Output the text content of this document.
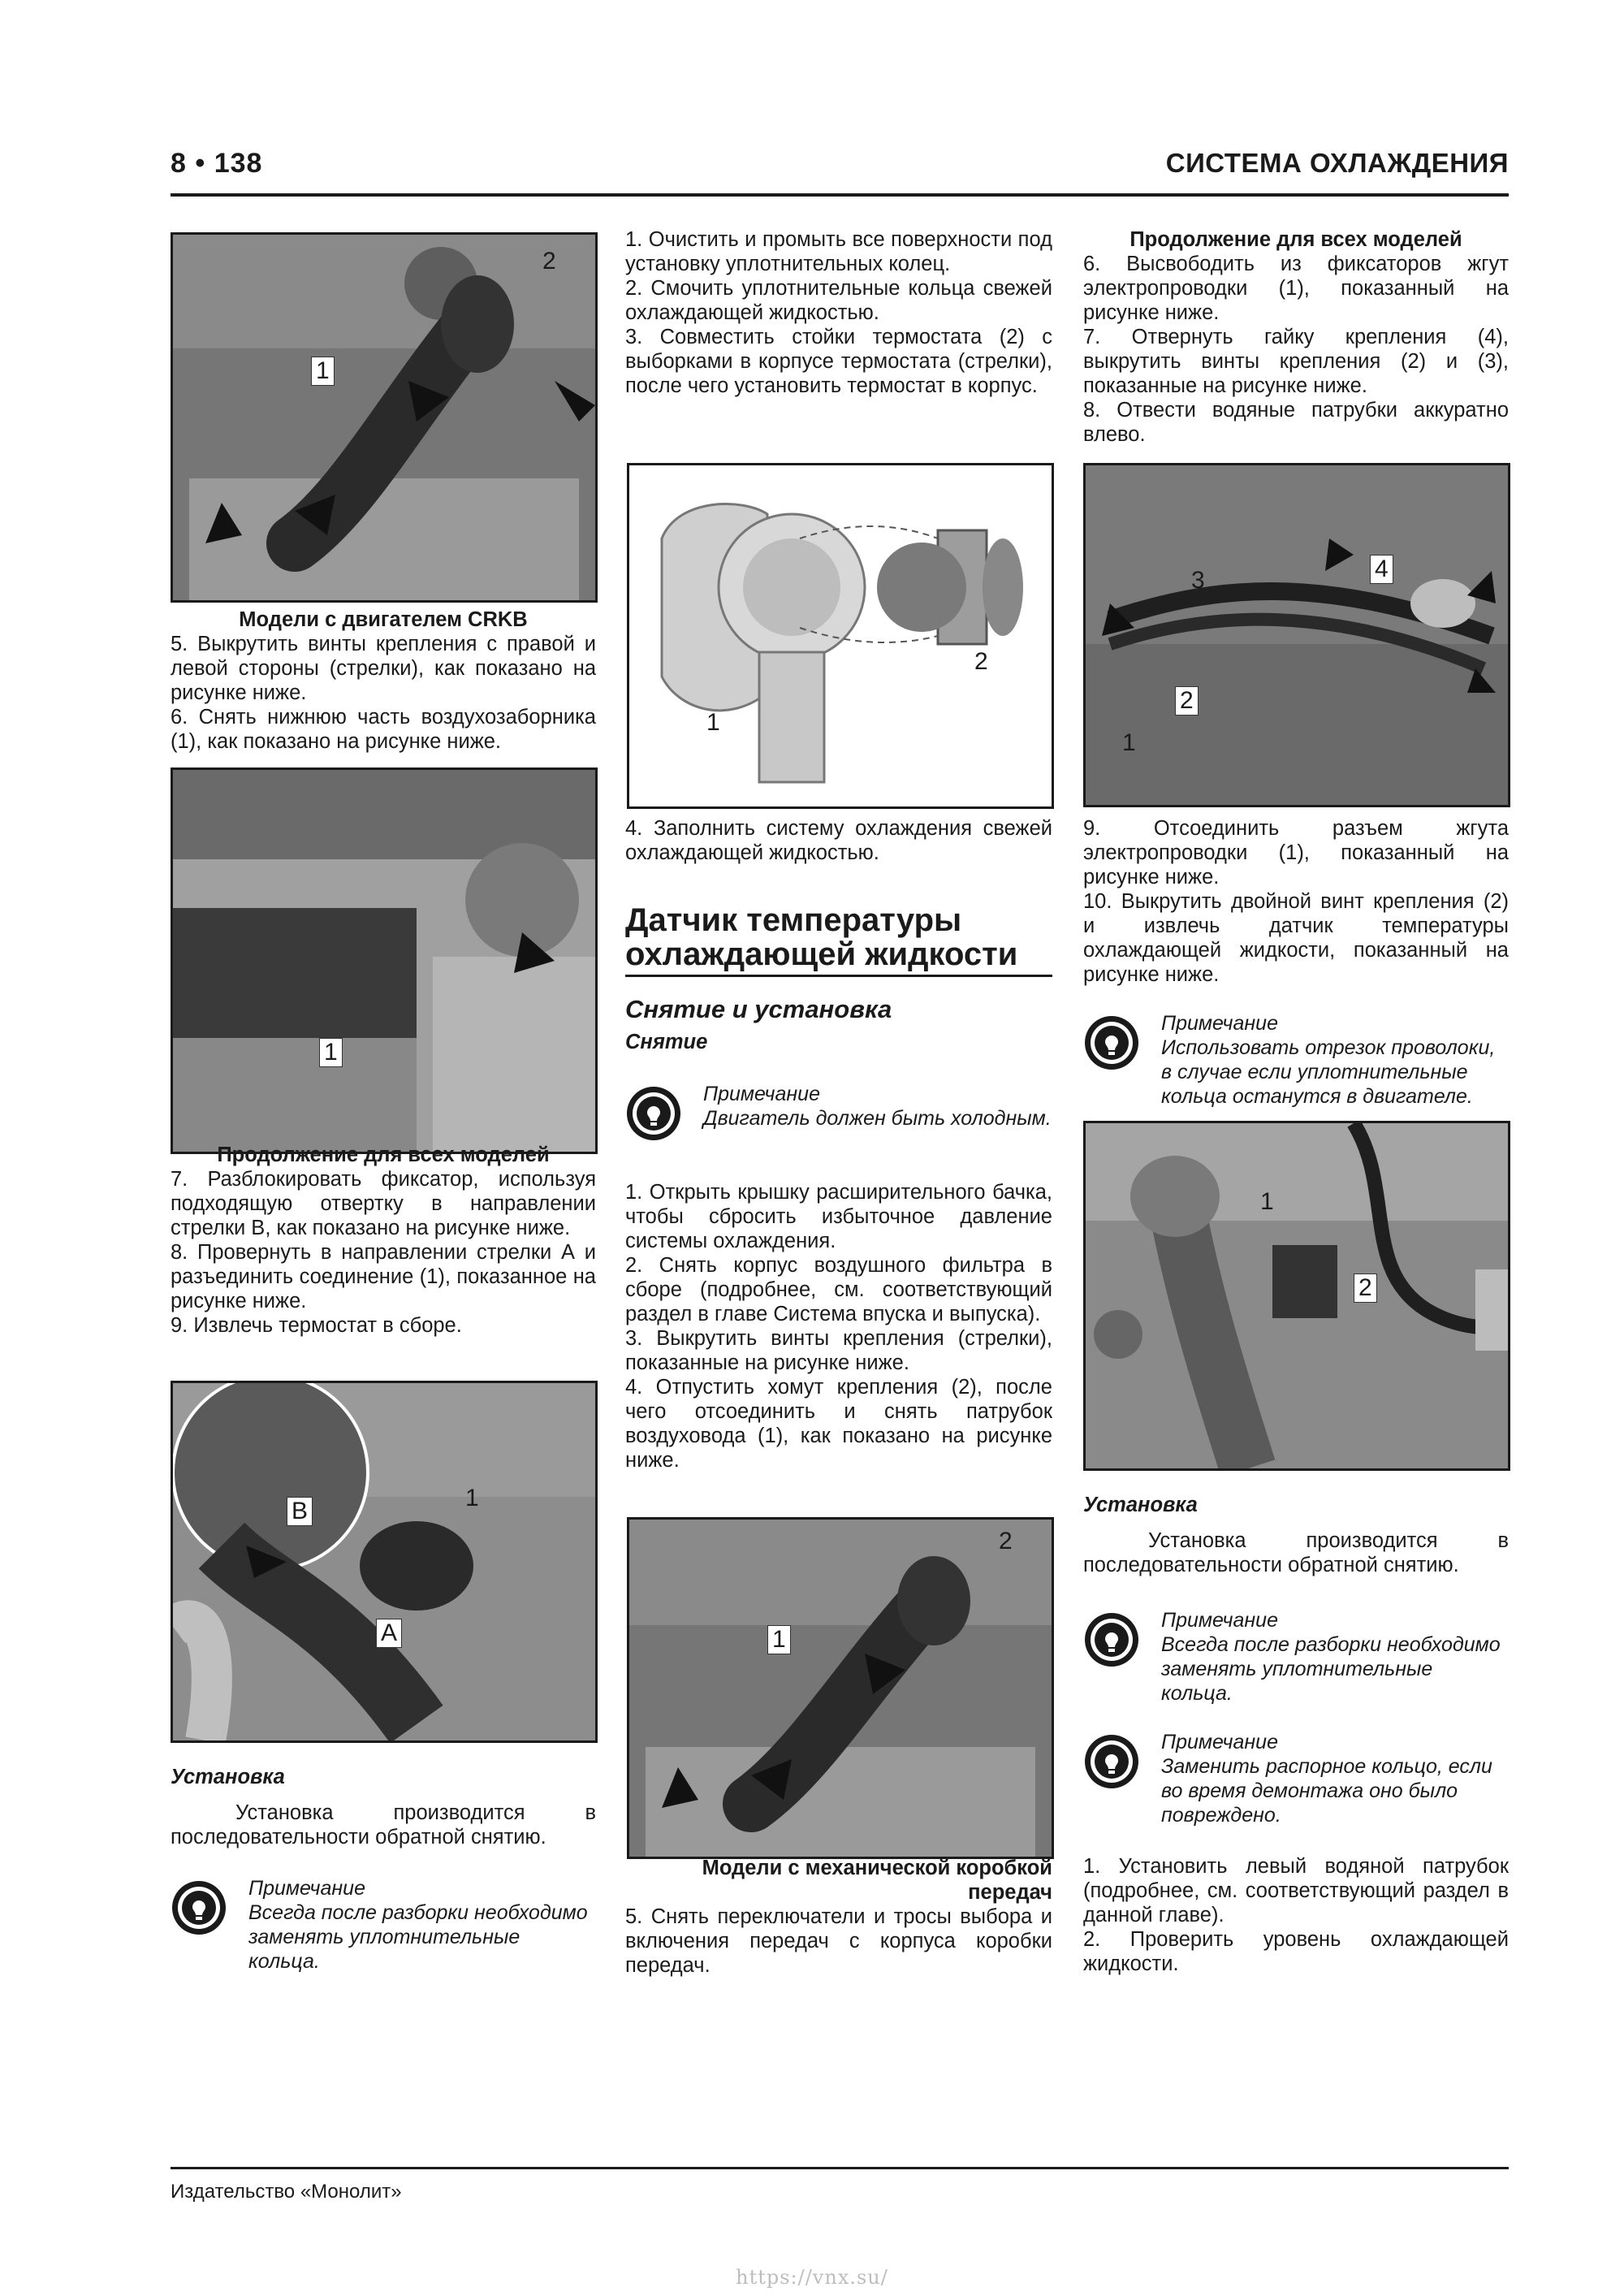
8 • 138	СИСТЕМА ОХЛАЖДЕНИЯ
1
2

Модели с двигателем CRKB

5. Выкрутить винты крепления с правой и левой стороны (стрелки), как показано на рисунке ниже.

6. Снять нижнюю часть воздухозаборника (1), как показано на рисунке ниже.

1

Продолжение для всех моделей

7. Разблокировать фиксатор, используя подходящую отвертку в направлении стрелки В, как показано на рисунке ниже.

8. Провернуть в направлении стрелки А и разъединить соединение (1), показанное на рисунке ниже.

9. Извлечь термостат в сборе.

B	1
A

Установка

Установка производится в последовательности обратной снятию.

Примечание

Всегда после разборки необходимо заменять уплотнительные кольца.

1. Очистить и промыть все поверхности под установку уплотнительных колец.

2. Смочить уплотнительные кольца свежей охлаждающей жидкостью.

3. Совместить стойки термостата (2) с выборками в корпусе термостата (стрелки), после чего установить термостат в корпус.

1
2

4. Заполнить систему охлаждения свежей охлаждающей жидкостью.

Датчик температуры

охлаждающей жидкости

Снятие и установка

Снятие

Примечание

Двигатель должен быть холодным.

1. Открыть крышку расширительного бачка, чтобы сбросить избыточное давление системы охлаждения.

2. Снять корпус воздушного фильтра в сборе (подробнее, см. соответствующий раздел в главе Система впуска и выпуска).

3. Выкрутить винты крепления (стрелки), показанные на рисунке ниже.

4. Отпустить хомут крепления (2), после чего отсоединить и снять патрубок воздуховода (1), как показано на рисунке ниже.

1
2

Модели с механической коробкой передач

5. Снять переключатели и тросы выбора и включения передач с корпуса коробки передач.

Продолжение для всех моделей

6. Высвободить из фиксаторов жгут электропроводки (1), показанный на рисунке ниже.

7. Отвернуть гайку крепления (4), выкрутить винты крепления (2) и (3), показанные на рисунке ниже.

8. Отвести водяные патрубки аккуратно влево.

3	4
2
1

9. Отсоединить разъем жгута электропроводки (1), показанный на рисунке ниже.

10. Выкрутить двойной винт крепления (2) и извлечь датчик температуры охлаждающей жидкости, показанный на рисунке ниже.

Примечание

Использовать отрезок проволоки, в случае если уплотнительные кольца останутся в двигателе.

1
2

Установка

Установка производится в последовательности обратной снятию.

Примечание

Всегда после разборки необходимо заменять уплотнительные кольца.

Примечание

Заменить распорное кольцо, если во время демонтажа оно было повреждено.

1. Установить левый водяной патрубок (подробнее, см. соответствующий раздел в данной главе).

2. Проверить уровень охлаждающей жидкости.

Издательство «Монолит»
https://vnx.su/
